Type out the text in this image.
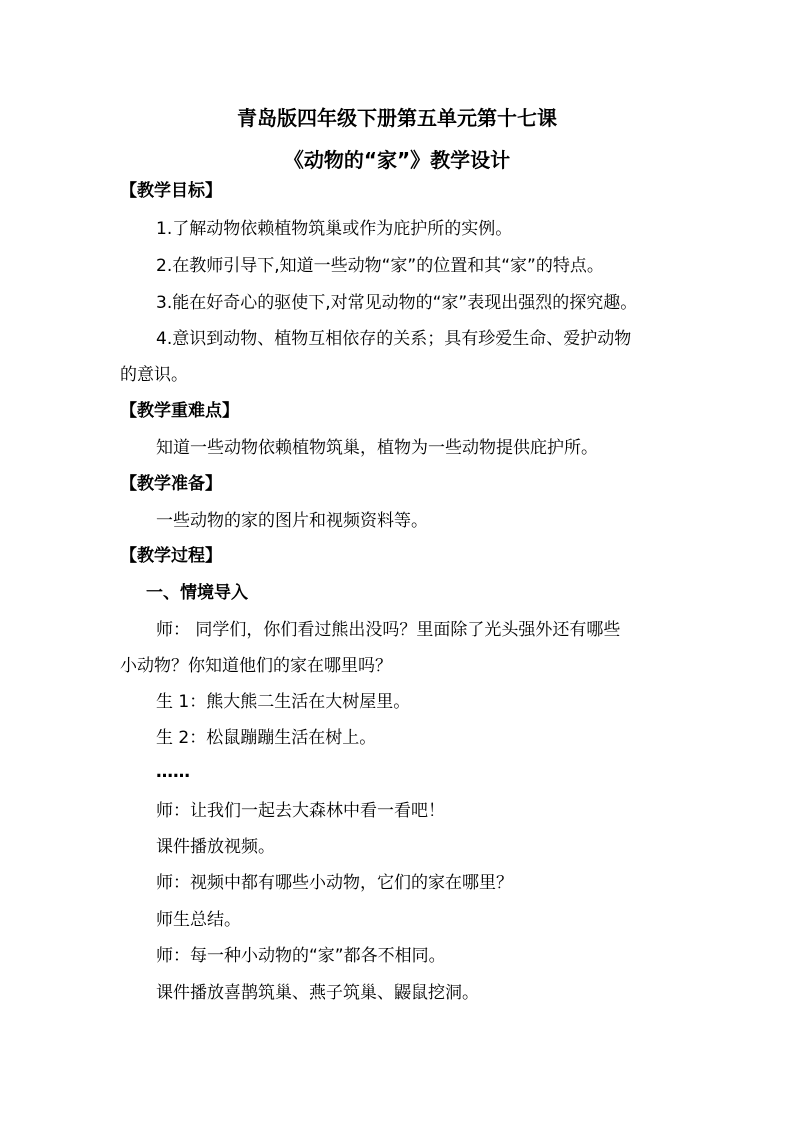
青岛版四年级下册第五单元第十七课
《动物的“家”》教学设计
【教学目标】
1.了解动物依赖植物筑巢或作为庇护所的实例。
2.在教师引导下,知道一些动物“家”的位置和其“家”的特点。
3.能在好奇心的驱使下,对常见动物的“家”表现出强烈的探究趣。
4.意识到动物、植物互相依存的关系；具有珍爱生命、爱护动物
的意识。
【教学重难点】
知道一些动物依赖植物筑巢，植物为一些动物提供庇护所。
【教学准备】
一些动物的家的图片和视频资料等。
【教学过程】
一、情境导入
师： 同学们，你们看过熊出没吗？里面除了光头强外还有哪些
小动物？你知道他们的家在哪里吗？
生 1：熊大熊二生活在大树屋里。
生 2：松鼠蹦蹦生活在树上。
……
师：让我们一起去大森林中看一看吧！
课件播放视频。
师：视频中都有哪些小动物，它们的家在哪里？
师生总结。
师：每一种小动物的“家”都各不相同。
课件播放喜鹊筑巢、燕子筑巢、鼹鼠挖洞。
